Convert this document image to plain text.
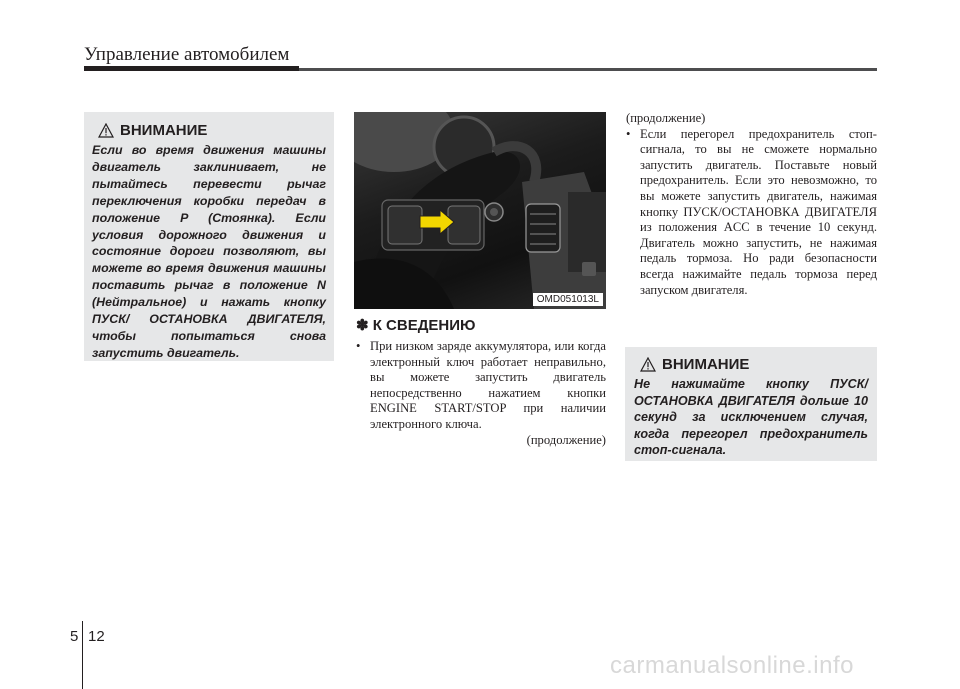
Управление автомобилем
ВНИМАНИЕ
Если во время движения машины двигатель заклинивает, не пытайтесь перевести рычаг переключения коробки передач в положение P (Стоянка). Если условия дорожного движения и состояние дороги позволяют, вы можете во время движения машины поставить рычаг в положение N (Нейтральное) и нажать кнопку ПУСК/ ОСТАНОВКА ДВИГАТЕЛЯ, чтобы попытаться снова запустить двигатель.
OMD051013L
✽ К СВЕДЕНИЮ
• При низком заряде аккумулятора, или когда электронный ключ работает неправильно, вы можете запустить двигатель непосредственно нажатием кнопки ENGINE START/STOP при наличии электронного ключа.
(продолжение)
(продолжение)
• Если перегорел предохранитель стоп-сигнала, то вы не сможете нормально запустить двигатель. Поставьте новый предохранитель. Если это невозможно, то вы можете запустить двигатель, нажимая кнопку ПУСК/ОСТАНОВКА ДВИГАТЕЛЯ из положения ACC в течение 10 секунд. Двигатель можно запустить, не нажимая педаль тормоза. Но ради безопасности всегда нажимайте педаль тормоза перед запуском двигателя.
ВНИМАНИЕ
Не нажимайте кнопку ПУСК/ ОСТАНОВКА ДВИГАТЕЛЯ дольше 10 секунд за исключением случая, когда перегорел предохранитель стоп-сигнала.
5 12
carmanualsonline.info
